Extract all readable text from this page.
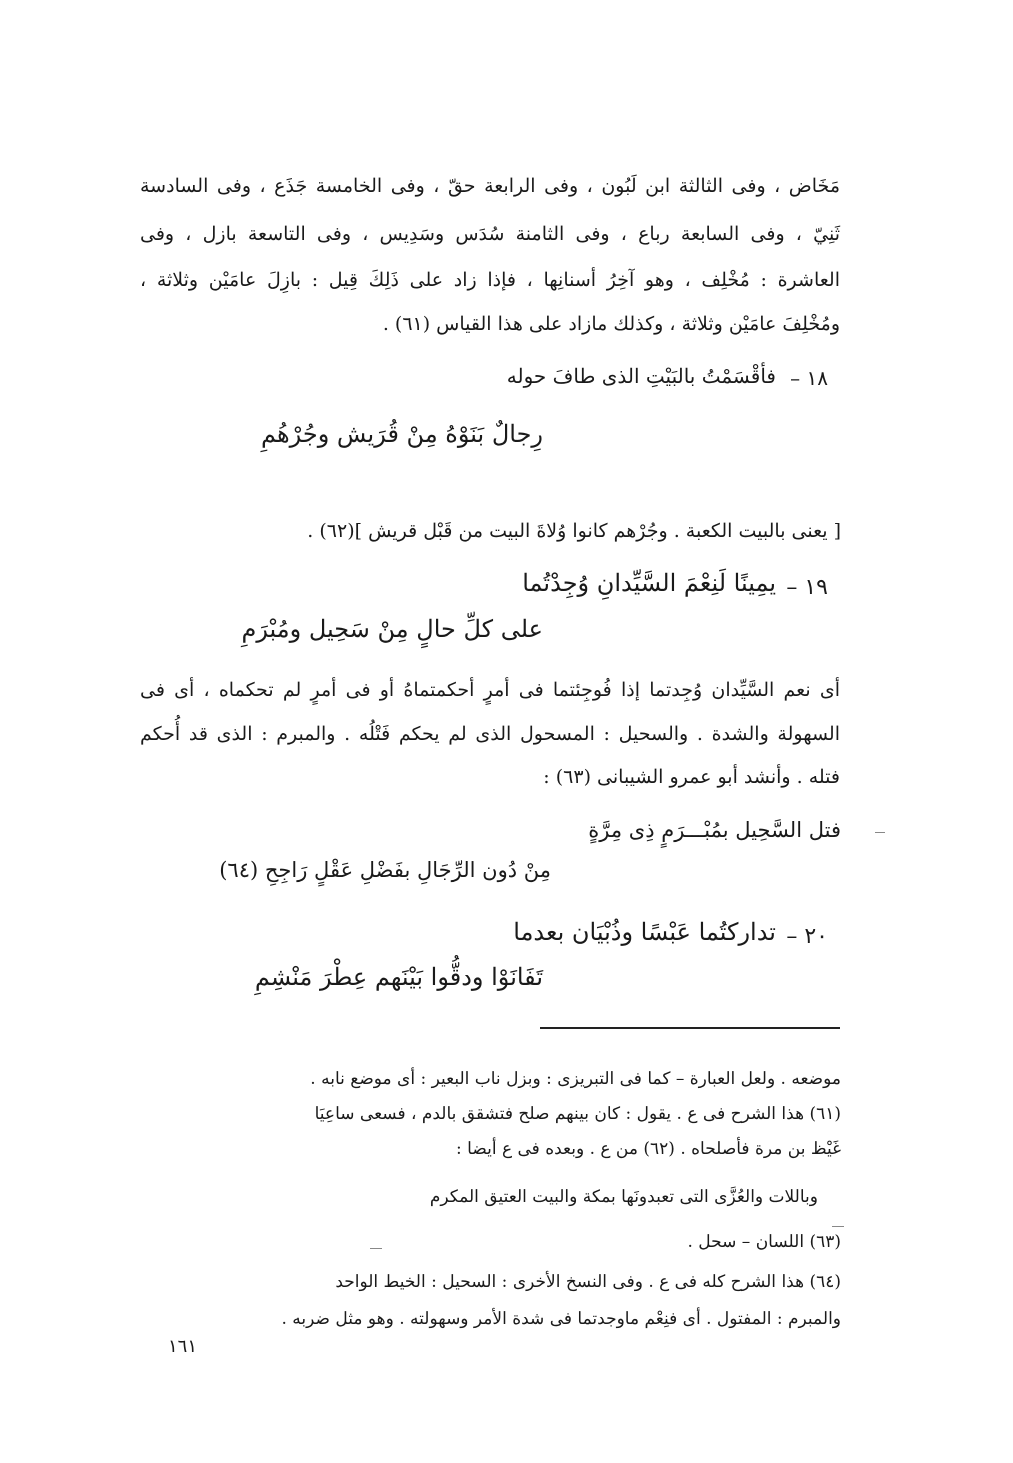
مَخَاض ، وفى الثالثة ابن لَبُون ، وفى الرابعة حقّ ، وفى الخامسة جَذَع ، وفى السادسة
ثَنِيّ ، وفى السابعة رباع ، وفى الثامنة سُدَس وسَدِيس ، وفى التاسعة بازل ، وفى
العاشرة : مُخْلِف ، وهو آخِرُ أسنانِها ، فإذا زاد على ذَلِكَ قِيل : بازِلَ عامَيْن وثلاثة ،
ومُخْلِفَ عامَيْن وثلاثة ، وكذلك مازاد على هذا القياس (٦١) .
١٨ –
فأقْسَمْتُ بالبَيْتِ الذى طافَ حوله
رِجالٌ بَنَوْهُ مِنْ قُرَيش وجُرْهُمِ
[ يعنى بالبيت الكعبة . وجُرْهم كانوا وُلاةَ البيت من قَبْل قريش ](٦٢) .
١٩ –
يمِينًا لَنِعْمَ السَّيِّدانِ وُجِدْتُما
على كلِّ حالٍ مِنْ سَحِيل ومُبْرَمِ
أى نعم السَّيِّدان وُجِدتما إذا فُوجِئتما فى أمرٍ أحكمتماهُ أو فى أمرٍ لم تحكماه ، أى فى
السهولة والشدة . والسحيل : المسحول الذى لم يحكم فَتْلُه . والمبرم : الذى قد أُحكم
فتله . وأنشد أبو عمرو الشيبانى (٦٣) :
فتل السَّحِيل بمُبْـــرَمٍ ذِى مِرَّةٍ
مِنْ دُون الرِّجَالِ بفَضْلِ عَقْلٍ رَاجِحِ (٦٤)
٢٠ –
تداركتُما عَبْسًا وذُبْيَان بعدما
تَفَانَوْا ودقُّوا بَيْنَهم عِطْرَ مَنْشِمِ
موضعه . ولعل العبارة – كما فى التبريزى : وبزل ناب البعير : أى موضع نابه .
(٦١) هذا الشرح فى ع . يقول : كان بينهم صلح فتشقق بالدم ، فسعى ساعِيَا
غَيْظ بن مرة فأصلحاه . (٦٢) من ع . وبعده فى ع أيضا :
وباللات والعُزَّى التى تعبدونَها بمكة والبيت العتيق المكرم
(٦٣) اللسان – سحل .
(٦٤) هذا الشرح كله فى ع . وفى النسخ الأخرى : السحيل : الخيط الواحد
والمبرم : المفتول . أى فنِعْم ماوجدتما فى شدة الأمر وسهولته . وهو مثل ضربه .
١٦١
